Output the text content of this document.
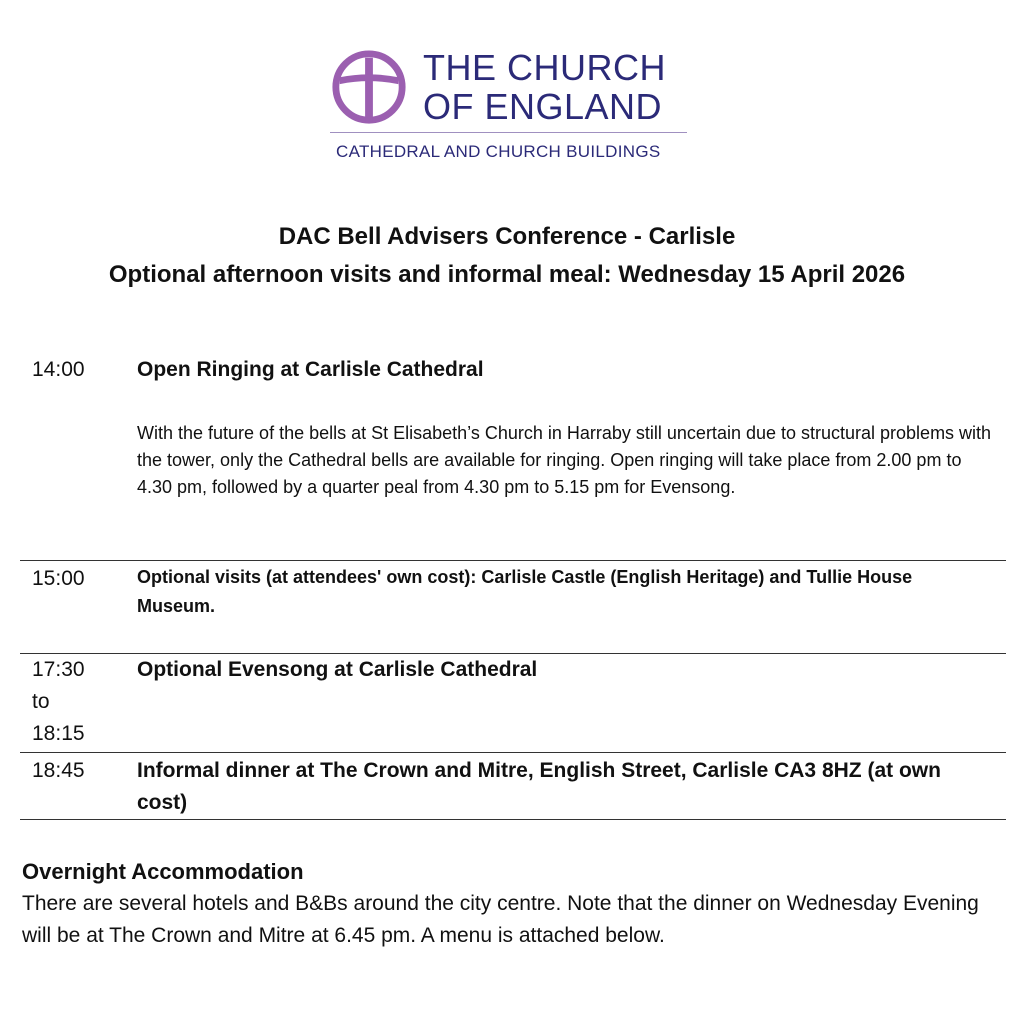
THE CHURCH
OF ENGLAND
CATHEDRAL AND CHURCH BUILDINGS
DAC Bell Advisers Conference - Carlisle
Optional afternoon visits and informal meal: Wednesday 15 April 2026
14:00 Open Ringing at Carlisle Cathedral
With the future of the bells at St Elisabeth’s Church in Harraby still uncertain due to structural problems with the tower, only the Cathedral bells are available for ringing. Open ringing will take place from 2.00 pm to 4.30 pm, followed by a quarter peal from 4.30 pm to 5.15 pm for Evensong.
15:00	Optional visits (at attendees' own cost): Carlisle Castle (English Heritage) and Tullie House Museum.
17:30 to 18:15
Optional Evensong at Carlisle Cathedral
18:45 Informal dinner at The Crown and Mitre, English Street, Carlisle CA3 8HZ (at own cost)
Overnight Accommodation
There are several hotels and B&Bs around the city centre. Note that the dinner on Wednesday Evening will be at The Crown and Mitre at 6.45 pm. A menu is attached below.
